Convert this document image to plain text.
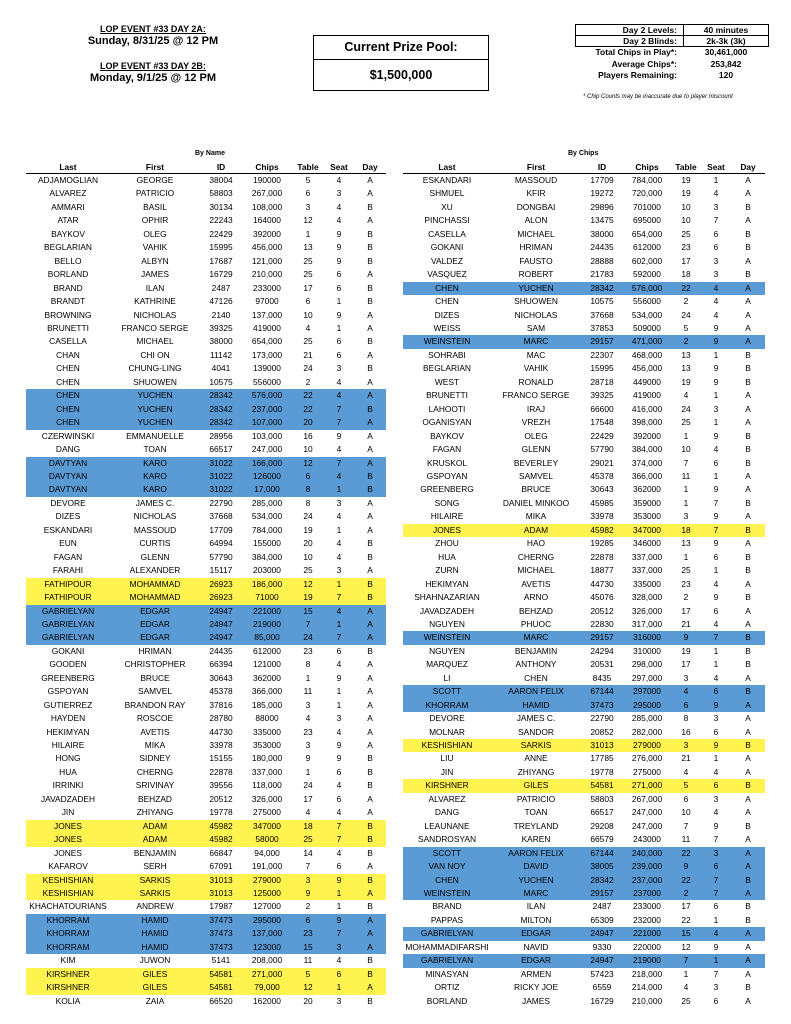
LOP EVENT #33 DAY 2A:
Sunday, 8/31/25 @ 12 PM
LOP EVENT #33 DAY 2B:
Monday, 9/1/25 @ 12 PM
Current Prize Pool:
$1,500,000
Day 2 Levels:	40 minutes
Day 2 Blinds:	2k-3k (3k)
Total Chips in Play*:	30,461,000
Average Chips*:	253,842
Players Remaining:	120
* Chip Counts may be inaccurate due to player miscount
By Name	By Chips
Last	First	ID	Chips	Table	Seat	Day
ADJAMOGLIAN	GEORGE	38004	190000	5	4	A
ALVAREZ	PATRICIO	58803	267,000	6	3	A
AMMARI	BASIL	30134	108,000	3	4	B
ATAR	OPHIR	22243	164000	12	4	A
BAYKOV	OLEG	22429	392000	1	9	B
BEGLARIAN	VAHIK	15995	456,000	13	9	B
BELLO	ALBYN	17687	121,000	25	9	B
BORLAND	JAMES	16729	210,000	25	6	A
BRAND	ILAN	2487	233000	17	6	B
BRANDT	KATHRINE	47126	97000	6	1	B
BROWNING	NICHOLAS	2140	137,000	10	9	A
BRUNETTI	FRANCO SERGE	39325	419000	4	1	A
CASELLA	MICHAEL	38000	654,000	25	6	B
CHAN	CHI ON	11142	173,000	21	6	A
CHEN	CHUNG-LING	4041	139000	24	3	B
CHEN	SHUOWEN	10575	556000	2	4	A
CHEN	YUCHEN	28342	576,000	22	4	A
CHEN	YUCHEN	28342	237,000	22	7	B
CHEN	YUCHEN	28342	107,000	20	7	A
CZERWINSKI	EMMANUELLE	28956	103,000	16	9	A
DANG	TOAN	66517	247,000	10	4	A
DAVTYAN	KARO	31022	166,000	12	7	A
DAVTYAN	KARO	31022	126000	6	4	B
DAVTYAN	KARO	31022	17,000	8	1	B
DEVORE	JAMES C.	22790	285,000	8	3	A
DIZES	NICHOLAS	37668	534,000	24	4	A
ESKANDARI	MASSOUD	17709	784,000	19	1	A
EUN	CURTIS	64994	155000	20	4	B
FAGAN	GLENN	57790	384,000	10	4	B
FARAHI	ALEXANDER	15117	203000	25	3	A
FATHIPOUR	MOHAMMAD	26923	186,000	12	1	B
FATHIPOUR	MOHAMMAD	26923	71000	19	7	B
GABRIELYAN	EDGAR	24947	221000	15	4	A
GABRIELYAN	EDGAR	24947	219000	7	1	A
GABRIELYAN	EDGAR	24947	85,000	24	7	A
GOKANI	HRIMAN	24435	612000	23	6	B
GOODEN	CHRISTOPHER	66394	121000	8	4	A
GREENBERG	BRUCE	30643	362000	1	9	A
GSPOYAN	SAMVEL	45378	366,000	11	1	A
GUTIERREZ	BRANDON RAY	37816	185,000	3	1	A
HAYDEN	ROSCOE	28780	88000	4	3	A
HEKIMYAN	AVETIS	44730	335000	23	4	A
HILAIRE	MIKA	33978	353000	3	9	A
HONG	SIDNEY	15155	180,000	9	9	B
HUA	CHERNG	22878	337,000	1	6	B
IRRINKI	SRIVINAY	39556	118,000	24	4	B
JAVADZADEH	BEHZAD	20512	326,000	17	6	A
JIN	ZHIYANG	19778	275000	4	4	A
JONES	ADAM	45982	347000	18	7	B
JONES	ADAM	45982	58000	25	7	B
JONES	BENJAMIN	66847	94,000	14	4	B
KAFAROV	SERH	67091	191,000	7	6	A
KESHISHIAN	SARKIS	31013	279000	3	9	B
KESHISHIAN	SARKIS	31013	125000	9	1	A
KHACHATOURIANS	ANDREW	17987	127000	2	1	B
KHORRAM	HAMID	37473	295000	6	9	A
KHORRAM	HAMID	37473	137,000	23	7	A
KHORRAM	HAMID	37473	123000	15	3	A
KIM	JUWON	5141	208,000	11	4	B
KIRSHNER	GILES	54581	271,000	5	6	B
KIRSHNER	GILES	54581	79,000	12	1	A
KOLIA	ZAIA	66520	162000	20	3	B
Last	First	ID	Chips	Table	Seat	Day
ESKANDARI	MASSOUD	17709	784,000	19	1	A
SHMUEL	KFIR	19272	720,000	19	4	A
XU	DONGBAI	29896	701000	10	3	B
PINCHASSI	ALON	13475	695000	10	7	A
CASELLA	MICHAEL	38000	654,000	25	6	B
GOKANI	HRIMAN	24435	612000	23	6	B
VALDEZ	FAUSTO	28888	602,000	17	3	A
VASQUEZ	ROBERT	21783	592000	18	3	B
CHEN	YUCHEN	28342	576,000	22	4	A
CHEN	SHUOWEN	10575	556000	2	4	A
DIZES	NICHOLAS	37668	534,000	24	4	A
WEISS	SAM	37853	509000	5	9	A
WEINSTEIN	MARC	29157	471,000	2	9	A
SOHRABI	MAC	22307	468,000	13	1	B
BEGLARIAN	VAHIK	15995	456,000	13	9	B
WEST	RONALD	28718	449000	19	9	B
BRUNETTI	FRANCO SERGE	39325	419000	4	1	A
LAHOOTI	IRAJ	66600	416,000	24	3	A
OGANISYAN	VREZH	17548	398,000	25	1	A
BAYKOV	OLEG	22429	392000	1	9	B
FAGAN	GLENN	57790	384,000	10	4	B
KRUSKOL	BEVERLEY	29021	374,000	7	6	B
GSPOYAN	SAMVEL	45378	366,000	11	1	A
GREENBERG	BRUCE	30643	362000	1	9	A
SONG	DANIEL MINKOO	45985	359000	1	7	B
HILAIRE	MIKA	33978	353000	3	9	A
JONES	ADAM	45982	347000	18	7	B
ZHOU	HAO	19285	346000	13	9	A
HUA	CHERNG	22878	337,000	1	6	B
ZURN	MICHAEL	18877	337,000	25	1	B
HEKIMYAN	AVETIS	44730	335000	23	4	A
SHAHNAZARIAN	ARNO	45076	328,000	2	9	B
JAVADZADEH	BEHZAD	20512	326,000	17	6	A
NGUYEN	PHUOC	22830	317,000	21	4	A
WEINSTEIN	MARC	29157	316000	9	7	B
NGUYEN	BENJAMIN	24294	310000	19	1	B
MARQUEZ	ANTHONY	20531	298,000	17	1	B
LI	CHEN	8435	297,000	3	4	A
SCOTT	AARON FELIX	67144	297000	4	6	B
KHORRAM	HAMID	37473	295000	6	9	A
DEVORE	JAMES C.	22790	285,000	8	3	A
MOLNAR	SANDOR	20852	282,000	16	6	A
KESHISHIAN	SARKIS	31013	279000	3	9	B
LIU	ANNE	17785	276,000	21	1	A
JIN	ZHIYANG	19778	275000	4	4	A
KIRSHNER	GILES	54581	271,000	5	6	B
ALVAREZ	PATRICIO	58803	267,000	6	3	A
DANG	TOAN	66517	247,000	10	4	A
LEAUNANE	TREYLAND	29208	247,000	7	9	B
SANDROSYAN	KAREN	66579	243000	11	7	A
SCOTT	AARON FELIX	67144	240,000	22	3	A
VAN NOY	DAVID	38005	239,000	9	6	A
CHEN	YUCHEN	28342	237,000	22	7	B
WEINSTEIN	MARC	29157	237000	2	7	A
BRAND	ILAN	2487	233000	17	6	B
PAPPAS	MILTON	65309	232000	22	1	B
GABRIELYAN	EDGAR	24947	221000	15	4	A
MOHAMMADIFARSHI	NAVID	9330	220000	12	9	A
GABRIELYAN	EDGAR	24947	219000	7	1	A
MINASYAN	ARMEN	57423	218,000	1	7	A
ORTIZ	RICKY JOE	6559	214,000	4	3	B
BORLAND	JAMES	16729	210,000	25	6	A
